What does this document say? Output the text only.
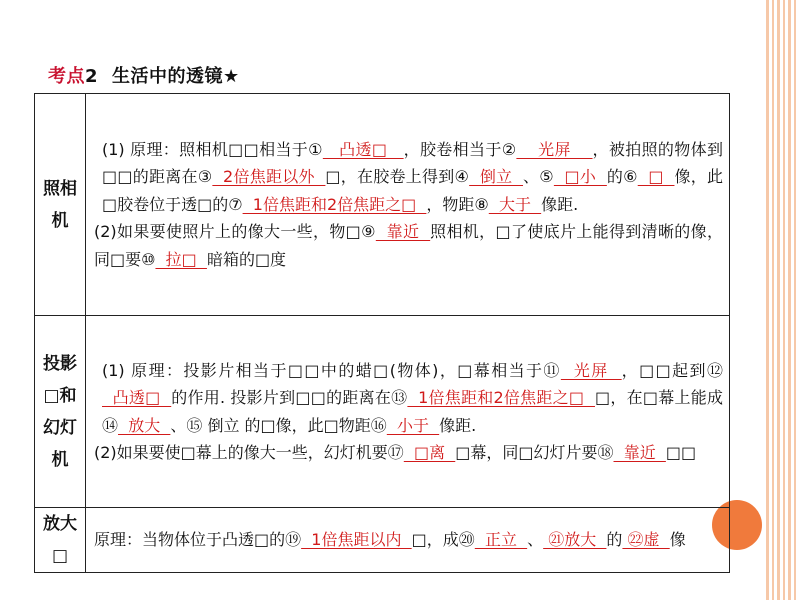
考点2 生活中的透镜★
照相机	(1) 原理：照相机□□相当于①   凸透□   ，胶卷相当于②    光屏    ，被拍照的物体到□□的距离在③  2倍焦距以外  □，在胶卷上得到④  倒立  、⑤  □小  的⑥  □  像，此□胶卷位于透□的⑦  1倍焦距和2倍焦距之□  ，物距⑧  大于  像距.
(2)如果要使照片上的像大一些，物□⑨  靠近  照相机，□了使底片上能得到清晰的像，同□要⑩  拉□  暗箱的□度

投影□和幻灯机	(1) 原理：投影片相当于□□中的蜡□(物体)，□幕相当于⑪  光屏  ，□□起到⑫  凸透□  的作用. 投影片到□□的距离在⑬  1倍焦距和2倍焦距之□  □，在□幕上能成⑭  放大  、⑮ 倒立 的□像，此□物距⑯  小于  像距.
(2)如果要使□幕上的像大一些，幻灯机要⑰  □离  □幕，同□幻灯片要⑱  靠近  □□

放大□	原理：当物体位于凸透□的⑲  1倍焦距以内  □，成⑳  正立  、 ㉑放大  的 ㉒虚  像
